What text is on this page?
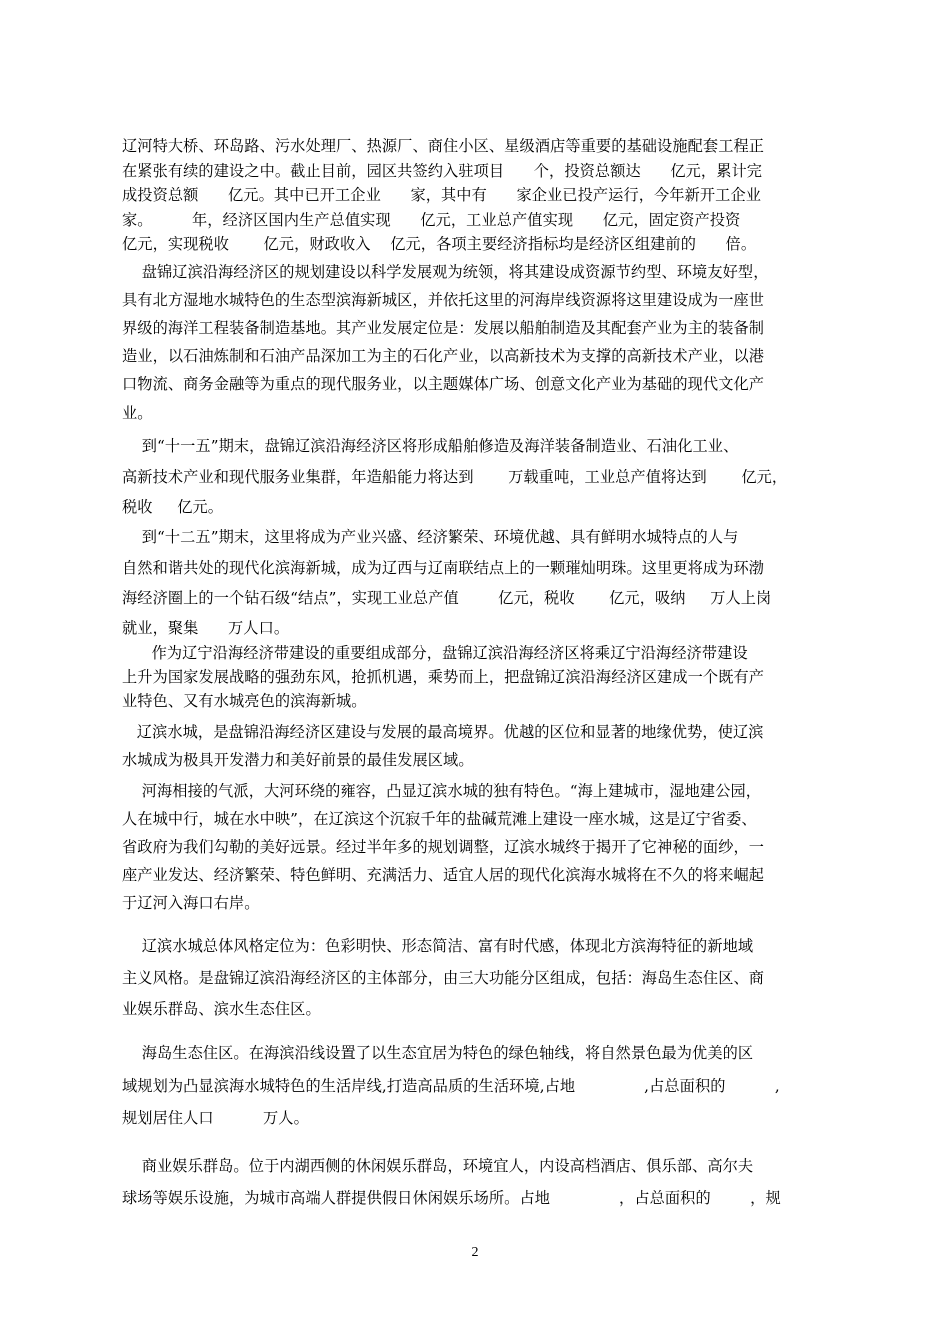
辽河特大桥、环岛路、污水处理厂、热源厂、商住小区、星级酒店等重要的基础设施配套工程正
在紧张有续的建设之中。截止目前，园区共签约入驻项目      个，投资总额达      亿元，累计完
成投资总额      亿元。其中已开工企业      家，其中有      家企业已投产运行，今年新开工企业
家。        年，经济区国内生产总值实现      亿元，工业总产值实现      亿元，固定资产投资
亿元，实现税收       亿元，财政收入    亿元，各项主要经济指标均是经济区组建前的      倍。
盘锦辽滨沿海经济区的规划建设以科学发展观为统领，将其建设成资源节约型、环境友好型，
具有北方湿地水城特色的生态型滨海新城区，并依托这里的河海岸线资源将这里建设成为一座世
界级的海洋工程装备制造基地。其产业发展定位是：发展以船舶制造及其配套产业为主的装备制
造业，以石油炼制和石油产品深加工为主的石化产业，以高新技术为支撑的高新技术产业，以港
口物流、商务金融等为重点的现代服务业，以主题媒体广场、创意文化产业为基础的现代文化产
业。
到“十一五”期末，盘锦辽滨沿海经济区将形成船舶修造及海洋装备制造业、石油化工业、
高新技术产业和现代服务业集群，年造船能力将达到       万载重吨，工业总产值将达到       亿元，
税收     亿元。
到“十二五”期末，这里将成为产业兴盛、经济繁荣、环境优越、具有鲜明水城特点的人与
自然和谐共处的现代化滨海新城，成为辽西与辽南联结点上的一颗璀灿明珠。这里更将成为环渤
海经济圈上的一个钻石级“结点”，实现工业总产值        亿元，税收       亿元，吸纳     万人上岗
就业，聚集      万人口。
作为辽宁沿海经济带建设的重要组成部分，盘锦辽滨沿海经济区将乘辽宁沿海经济带建设
上升为国家发展战略的强劲东风，抢抓机遇，乘势而上，把盘锦辽滨沿海经济区建成一个既有产
业特色、又有水城亮色的滨海新城。
辽滨水城，是盘锦沿海经济区建设与发展的最高境界。优越的区位和显著的地缘优势，使辽滨
水城成为极具开发潜力和美好前景的最佳发展区域。
河海相接的气派，大河环绕的雍容，凸显辽滨水城的独有特色。“海上建城市，湿地建公园，
人在城中行，城在水中映”，在辽滨这个沉寂千年的盐碱荒滩上建设一座水城，这是辽宁省委、
省政府为我们勾勒的美好远景。经过半年多的规划调整，辽滨水城终于揭开了它神秘的面纱，一
座产业发达、经济繁荣、特色鲜明、充满活力、适宜人居的现代化滨海水城将在不久的将来崛起
于辽河入海口右岸。
辽滨水城总体风格定位为：色彩明快、形态简洁、富有时代感，体现北方滨海特征的新地域
主义风格。是盘锦辽滨沿海经济区的主体部分，由三大功能分区组成，包括：海岛生态住区、商
业娱乐群岛、滨水生态住区。
海岛生态住区。在海滨沿线设置了以生态宜居为特色的绿色轴线，将自然景色最为优美的区
域规划为凸显滨海水城特色的生活岸线,打造高品质的生活环境,占地              ,占总面积的          ,
规划居住人口          万人。
商业娱乐群岛。位于内湖西侧的休闲娱乐群岛，环境宜人，内设高档酒店、俱乐部、高尔夫
球场等娱乐设施，为城市高端人群提供假日休闲娱乐场所。占地              ，占总面积的        ，规
2
